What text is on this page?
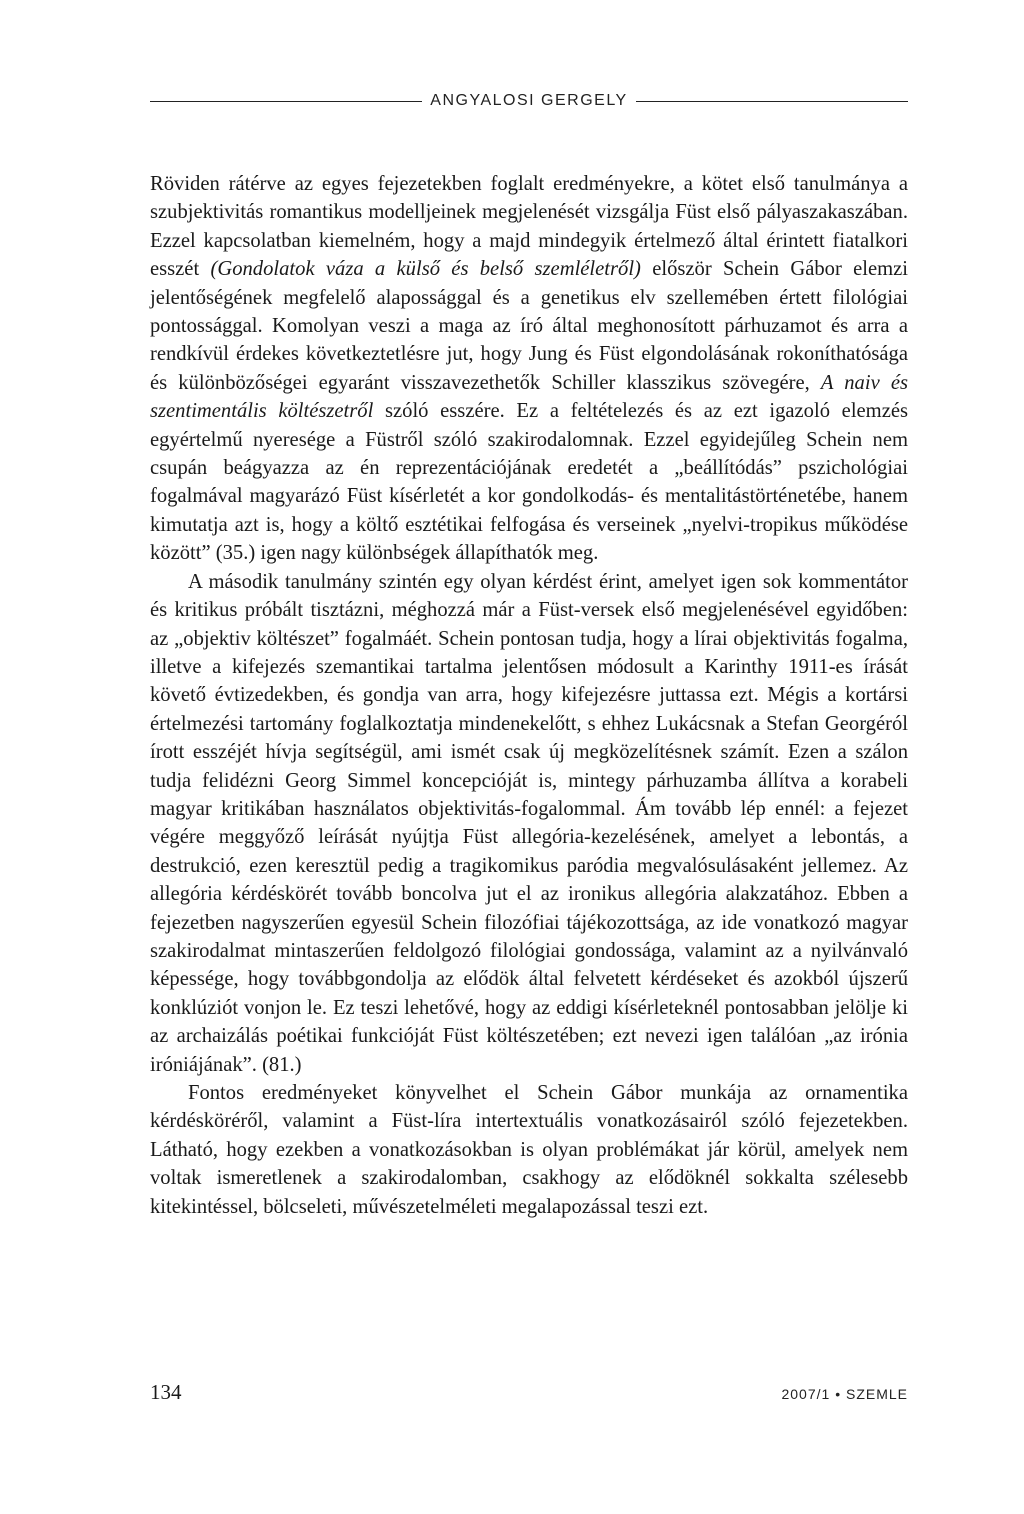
ANGYALOSI GERGELY

Röviden rátérve az egyes fejezetekben foglalt eredményekre, a kötet első tanulmánya a szubjektivitás romantikus modelljeinek megjelenését vizsgálja Füst első pályaszakaszában. Ezzel kapcsolatban kiemelném, hogy a majd mindegyik értelmező által érintett fiatalkori esszét (Gondolatok váza a külső és belső szemléletről) először Schein Gábor elemzi jelentőségének megfelelő alapossággal és a genetikus elv szellemében értett filológiai pontossággal. Komolyan veszi a maga az író által meghonosított párhuzamot és arra a rendkívül érdekes következtetlésre jut, hogy Jung és Füst elgondolásának rokoníthatósága és különbözőségei egyaránt visszavezethetők Schiller klasszikus szövegére, A naiv és szentimentális költészetről szóló esszére. Ez a feltételezés és az ezt igazoló elemzés egyértelmű nyeresége a Füstről szóló szakirodalomnak. Ezzel egyidejűleg Schein nem csupán beágyazza az én reprezentációjának eredetét a „beállítódás” pszichológiai fogalmával magyarázó Füst kísérletét a kor gondolkodás- és mentalitástörténetébe, hanem kimutatja azt is, hogy a költő esztétikai felfogása és verseinek „nyelvi-tropikus működése között” (35.) igen nagy különbségek állapíthatók meg.

A második tanulmány szintén egy olyan kérdést érint, amelyet igen sok kommentátor és kritikus próbált tisztázni, méghozzá már a Füst-versek első megjelenésével egyidőben: az „objektiv költészet” fogalmáét. Schein pontosan tudja, hogy a lírai objektivitás fogalma, illetve a kifejezés szemantikai tartalma jelentősen módosult a Karinthy 1911-es írását követő évtizedekben, és gondja van arra, hogy kifejezésre juttassa ezt. Mégis a kortársi értelmezési tartomány foglalkoztatja mindenekelőtt, s ehhez Lukácsnak a Stefan Georgéról írott esszéjét hívja segítségül, ami ismét csak új megközelítésnek számít. Ezen a szálon tudja felidézni Georg Simmel koncepcióját is, mintegy párhuzamba állítva a korabeli magyar kritikában használatos objektivitás-fogalommal. Ám tovább lép ennél: a fejezet végére meggyőző leírását nyújtja Füst allegória-kezelésének, amelyet a lebontás, a destrukció, ezen keresztül pedig a tragikomikus paródia megvalósulásaként jellemez. Az allegória kérdéskörét tovább boncolva jut el az ironikus allegória alakzatához. Ebben a fejezetben nagyszerűen egyesül Schein filozófiai tájékozottsága, az ide vonatkozó magyar szakirodalmat mintaszerűen feldolgozó filológiai gondossága, valamint az a nyilvánvaló képessége, hogy továbbgondolja az elődök által felvetett kérdéseket és azokból újszerű konklúziót vonjon le. Ez teszi lehetővé, hogy az eddigi kísérleteknél pontosabban jelölje ki az archaizálás poétikai funkcióját Füst költészetében; ezt nevezi igen találóan „az irónia iróniájának”. (81.)

Fontos eredményeket könyvelhet el Schein Gábor munkája az ornamentika kérdésköréről, valamint a Füst-líra intertextuális vonatkozásairól szóló fejezetekben. Látható, hogy ezekben a vonatkozásokban is olyan problémákat jár körül, amelyek nem voltak ismeretlenek a szakirodalomban, csakhogy az elődöknél sokkalta szélesebb kitekintéssel, bölcseleti, művészetelméleti megalapozással teszi ezt.

134	2007/1 • SZEMLE
